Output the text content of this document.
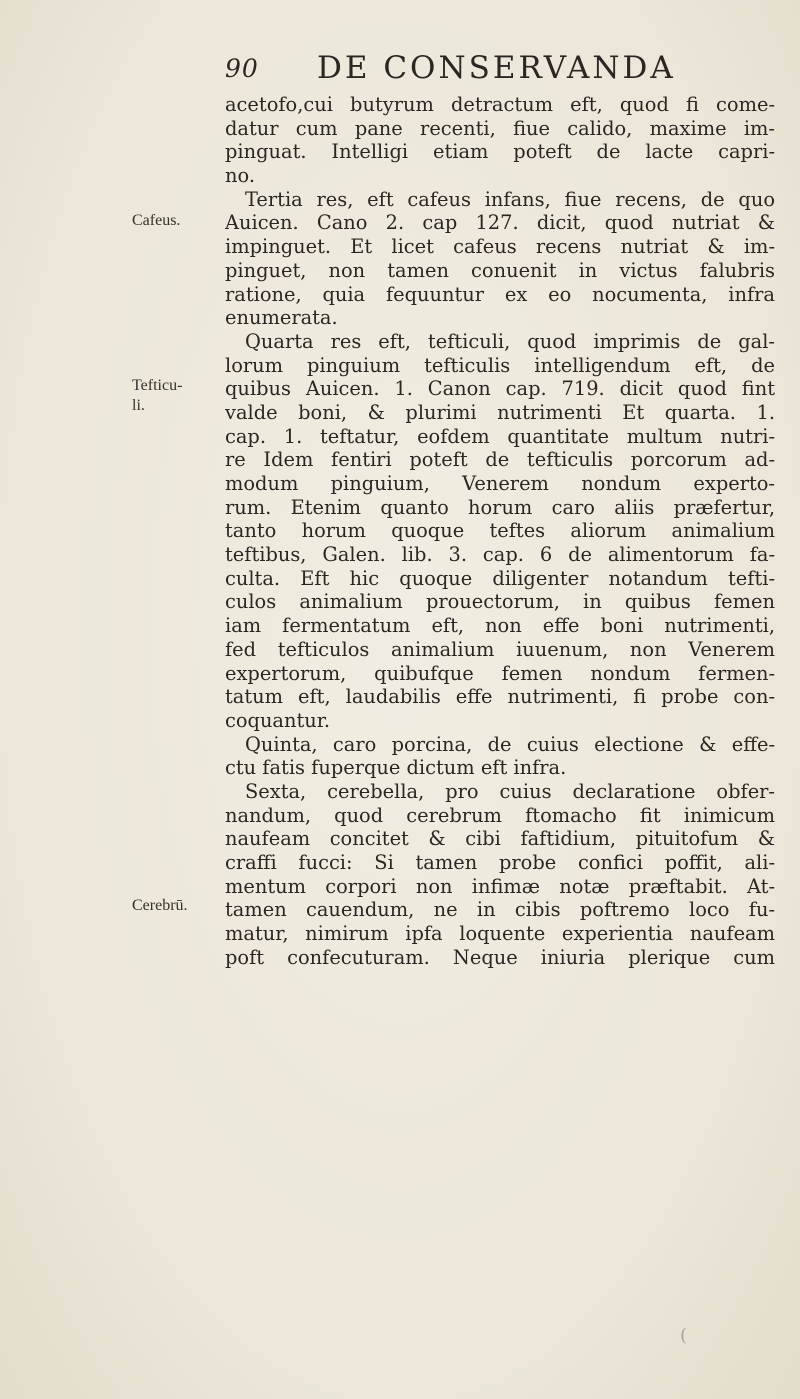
90 DE CONSERVANDA
Cafeus.
Tefticu-
li.
Cerebrū.
acetofo,cui butyrum detractum eft, quod fi come-
datur cum pane recenti, fiue calido, maxime im-
pinguat. Intelligi etiam poteft de lacte capri-
no.
Tertia res, eft cafeus infans, fiue recens, de quo
Auicen. Cano 2. cap 127. dicit, quod nutriat &
impinguet. Et licet cafeus recens nutriat & im-
pinguet, non tamen conuenit in victus falubris
ratione, quia fequuntur ex eo nocumenta, infra
enumerata.
Quarta res eft, tefticuli, quod imprimis de gal-
lorum pinguium tefticulis intelligendum eft, de
quibus Auicen. 1. Canon cap. 719. dicit quod fint
valde boni, & plurimi nutrimenti Et quarta. 1.
cap. 1. teftatur, eofdem quantitate multum nutri-
re Idem fentiri poteft de tefticulis porcorum ad-
modum pinguium, Venerem nondum experto-
rum. Etenim quanto horum caro aliis præfertur,
tanto horum quoque teftes aliorum animalium
teftibus, Galen. lib. 3. cap. 6 de alimentorum fa-
culta. Eft hic quoque diligenter notandum tefti-
culos animalium prouectorum, in quibus femen
iam fermentatum eft, non effe boni nutrimenti,
fed tefticulos animalium iuuenum, non Venerem
expertorum, quibufque femen nondum fermen-
tatum eft, laudabilis effe nutrimenti, fi probe con-
coquantur.
Quinta, caro porcina, de cuius electione & effe-
ctu fatis fuperque dictum eft infra.
Sexta, cerebella, pro cuius declaratione obfer-
nandum, quod cerebrum ftomacho fit inimicum
naufeam concitet & cibi faftidium, pituitofum &
craffi fucci: Si tamen probe confici poffit, ali-
mentum corpori non infimæ notæ præftabit. At-
tamen cauendum, ne in cibis poftremo loco fu-
matur, nimirum ipfa loquente experientia naufeam
poft confecuturam. Neque iniuria plerique cum
(
